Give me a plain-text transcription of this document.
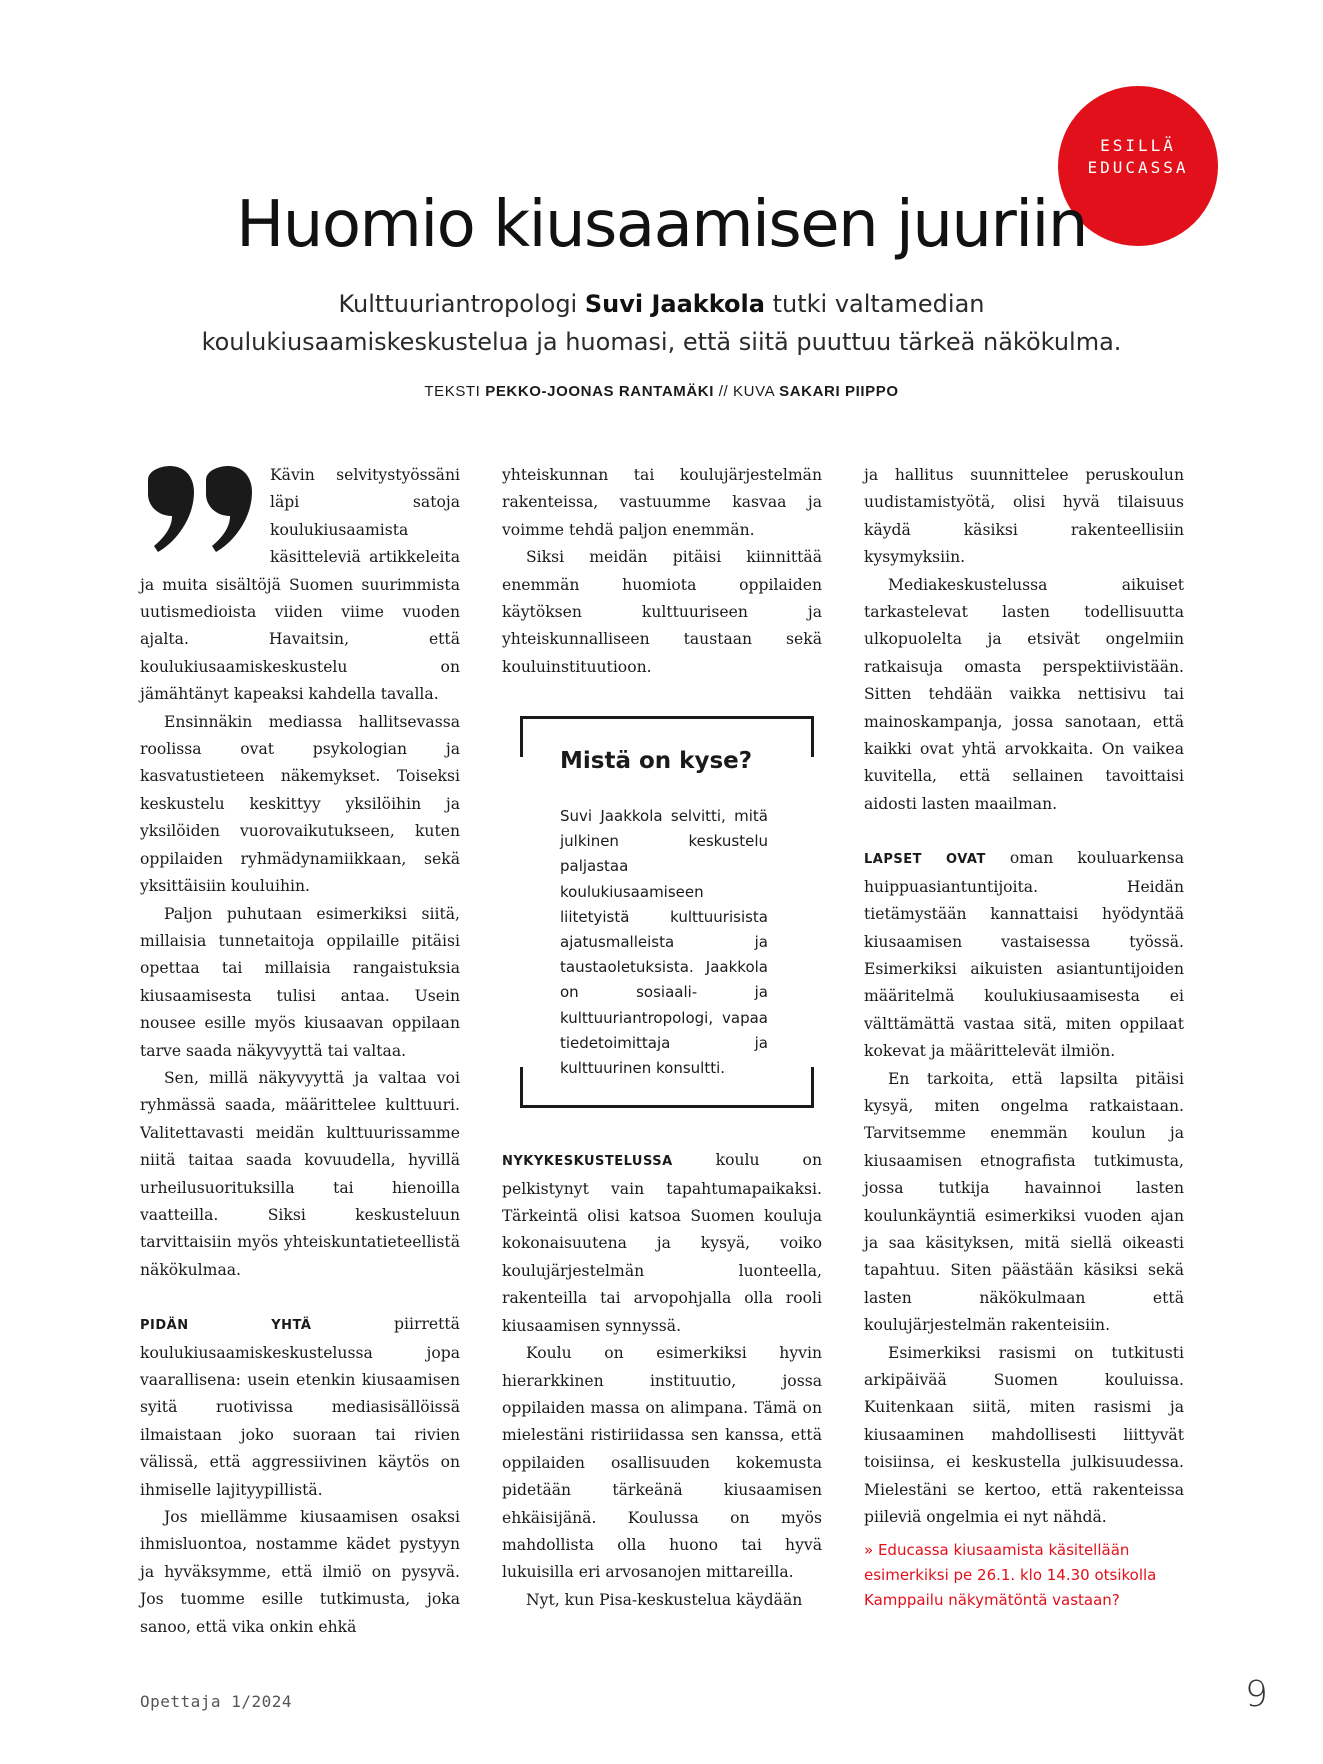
ESILLÄ
EDUCASSA
Huomio kiusaamisen juuriin

Kulttuuriantropologi Suvi Jaakkola tutki valtamedian
koulukiusaamiskeskustelua ja huomasi, että siitä puuttuu tärkeä näkökulma.

TEKSTI PEKKO-JOONAS RANTAMÄKI // KUVA SAKARI PIIPPO

Kävin selvitystyössäni läpi satoja koulukiusaamista käsitteleviä artikkeleita ja muita sisältöjä Suomen suurimmista uutismedioista viiden viime vuoden ajalta. Havaitsin, että koulukiusaamiskeskustelu on jämähtänyt kapeaksi kahdella tavalla.

Ensinnäkin mediassa hallitsevassa roolissa ovat psykologian ja kasvatustieteen näkemykset. Toiseksi keskustelu keskittyy yksilöihin ja yksilöiden vuorovaikutukseen, kuten oppilaiden ryhmädynamiikkaan, sekä yksittäisiin kouluihin.

Paljon puhutaan esimerkiksi siitä, millaisia tunnetaitoja oppilaille pitäisi opettaa tai millaisia rangaistuksia kiusaamisesta tulisi antaa. Usein nousee esille myös kiusaavan oppilaan tarve saada näkyvyyttä tai valtaa.

Sen, millä näkyvyyttä ja valtaa voi ryhmässä saada, määrittelee kulttuuri. Valitettavasti meidän kulttuurissamme niitä taitaa saada kovuudella, hyvillä urheilusuorituksilla tai hienoilla vaatteilla. Siksi keskusteluun tarvittaisiin myös yhteiskuntatieteellistä näkökulmaa.

PIDÄN YHTÄ piirrettä koulukiusaamiskeskustelussa jopa vaarallisena: usein etenkin kiusaamisen syitä ruotivissa mediasisällöissä ilmaistaan joko suoraan tai rivien välissä, että aggressiivinen käytös on ihmiselle lajityypillistä.

Jos miellämme kiusaamisen osaksi ihmisluontoa, nostamme kädet pystyyn ja hyväksymme, että ilmiö on pysyvä. Jos tuomme esille tutkimusta, joka sanoo, että vika onkin ehkä

yhteiskunnan tai koulujärjestelmän rakenteissa, vastuumme kasvaa ja voimme tehdä paljon enemmän.

Siksi meidän pitäisi kiinnittää enemmän huomiota oppilaiden käytöksen kulttuuriseen ja yhteiskunnalliseen taustaan sekä kouluinstituutioon.

NYKYKESKUSTELUSSA koulu on pelkistynyt vain tapahtumapaikaksi. Tärkeintä olisi katsoa Suomen kouluja kokonaisuutena ja kysyä, voiko koulujärjestelmän luonteella, rakenteilla tai arvopohjalla olla rooli kiusaamisen synnyssä.

Koulu on esimerkiksi hyvin hierarkkinen instituutio, jossa oppilaiden massa on alimpana. Tämä on mielestäni ristiriidassa sen kanssa, että oppilaiden osallisuuden kokemusta pidetään tärkeänä kiusaamisen ehkäisijänä. Koulussa on myös mahdollista olla huono tai hyvä lukuisilla eri arvosanojen mittareilla.

Nyt, kun Pisa-keskustelua käydään

Mistä on kyse?

Suvi Jaakkola selvitti, mitä julkinen keskustelu paljastaa koulukiusaamiseen liitetyistä kulttuurisista ajatusmalleista ja taustaoletuksista. Jaakkola on sosiaali- ja kulttuuriantropologi, vapaa tiedetoimittaja ja kulttuurinen konsultti.

ja hallitus suunnittelee peruskoulun uudistamistyötä, olisi hyvä tilaisuus käydä käsiksi rakenteellisiin kysymyksiin.

Mediakeskustelussa aikuiset tarkastelevat lasten todellisuutta ulkopuolelta ja etsivät ongelmiin ratkaisuja omasta perspektiivistään. Sitten tehdään vaikka nettisivu tai mainoskampanja, jossa sanotaan, että kaikki ovat yhtä arvokkaita. On vaikea kuvitella, että sellainen tavoittaisi aidosti lasten maailman.

LAPSET OVAT oman kouluarkensa huippuasiantuntijoita. Heidän tietämystään kannattaisi hyödyntää kiusaamisen vastaisessa työssä. Esimerkiksi aikuisten asiantuntijoiden määritelmä koulukiusaamisesta ei välttämättä vastaa sitä, miten oppilaat kokevat ja määrittelevät ilmiön.

En tarkoita, että lapsilta pitäisi kysyä, miten ongelma ratkaistaan. Tarvitsemme enemmän koulun ja kiusaamisen etnografista tutkimusta, jossa tutkija havainnoi lasten koulunkäyntiä esimerkiksi vuoden ajan ja saa käsityksen, mitä siellä oikeasti tapahtuu. Siten päästään käsiksi sekä lasten näkökulmaan että koulujärjestelmän rakenteisiin.

Esimerkiksi rasismi on tutkitusti arkipäivää Suomen kouluissa. Kuitenkaan siitä, miten rasismi ja kiusaaminen mahdollisesti liittyvät toisiinsa, ei keskustella julkisuudessa. Mielestäni se kertoo, että rakenteissa piileviä ongelmia ei nyt nähdä.

» Educassa kiusaamista käsitellään esimerkiksi pe 26.1. klo 14.30 otsikolla Kamppailu näkymätöntä vastaan?

Opettaja 1/2024	9
